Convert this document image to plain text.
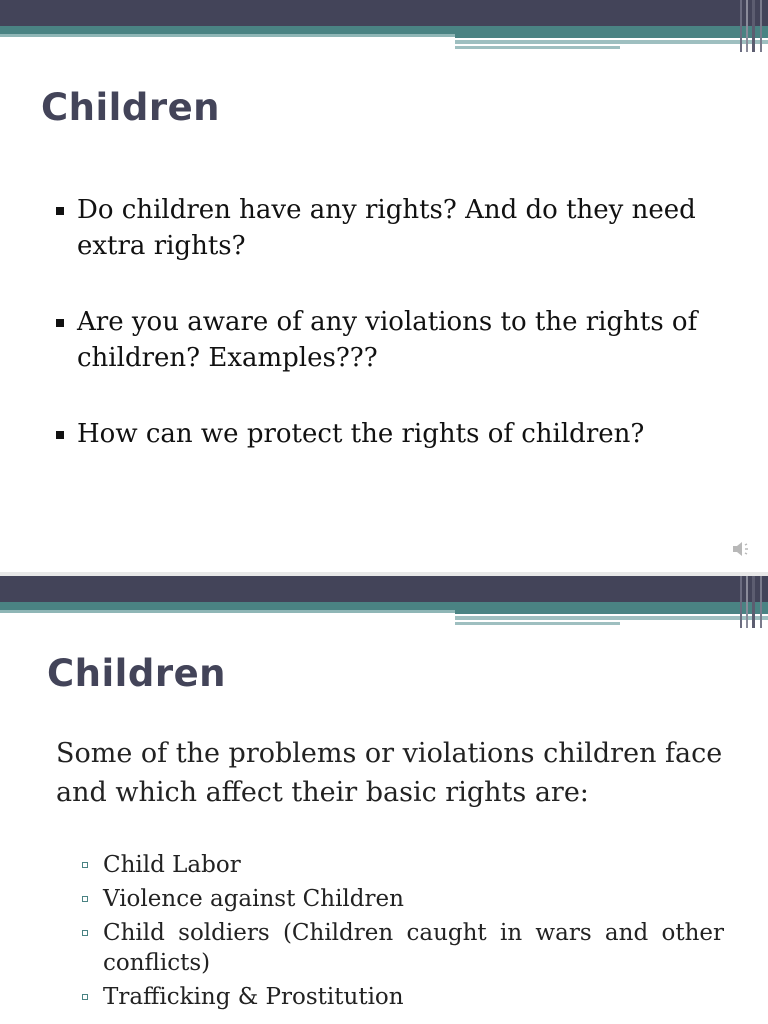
Children
Do children have any rights? And do they need extra rights?
Are you aware of any violations to the rights of children? Examples???
How can we protect the rights of children?
Children
Some of the problems or violations children face and which affect their basic rights are:
Child Labor
Violence against Children
Child soldiers (Children caught in wars and other conflicts)
Trafficking & Prostitution
